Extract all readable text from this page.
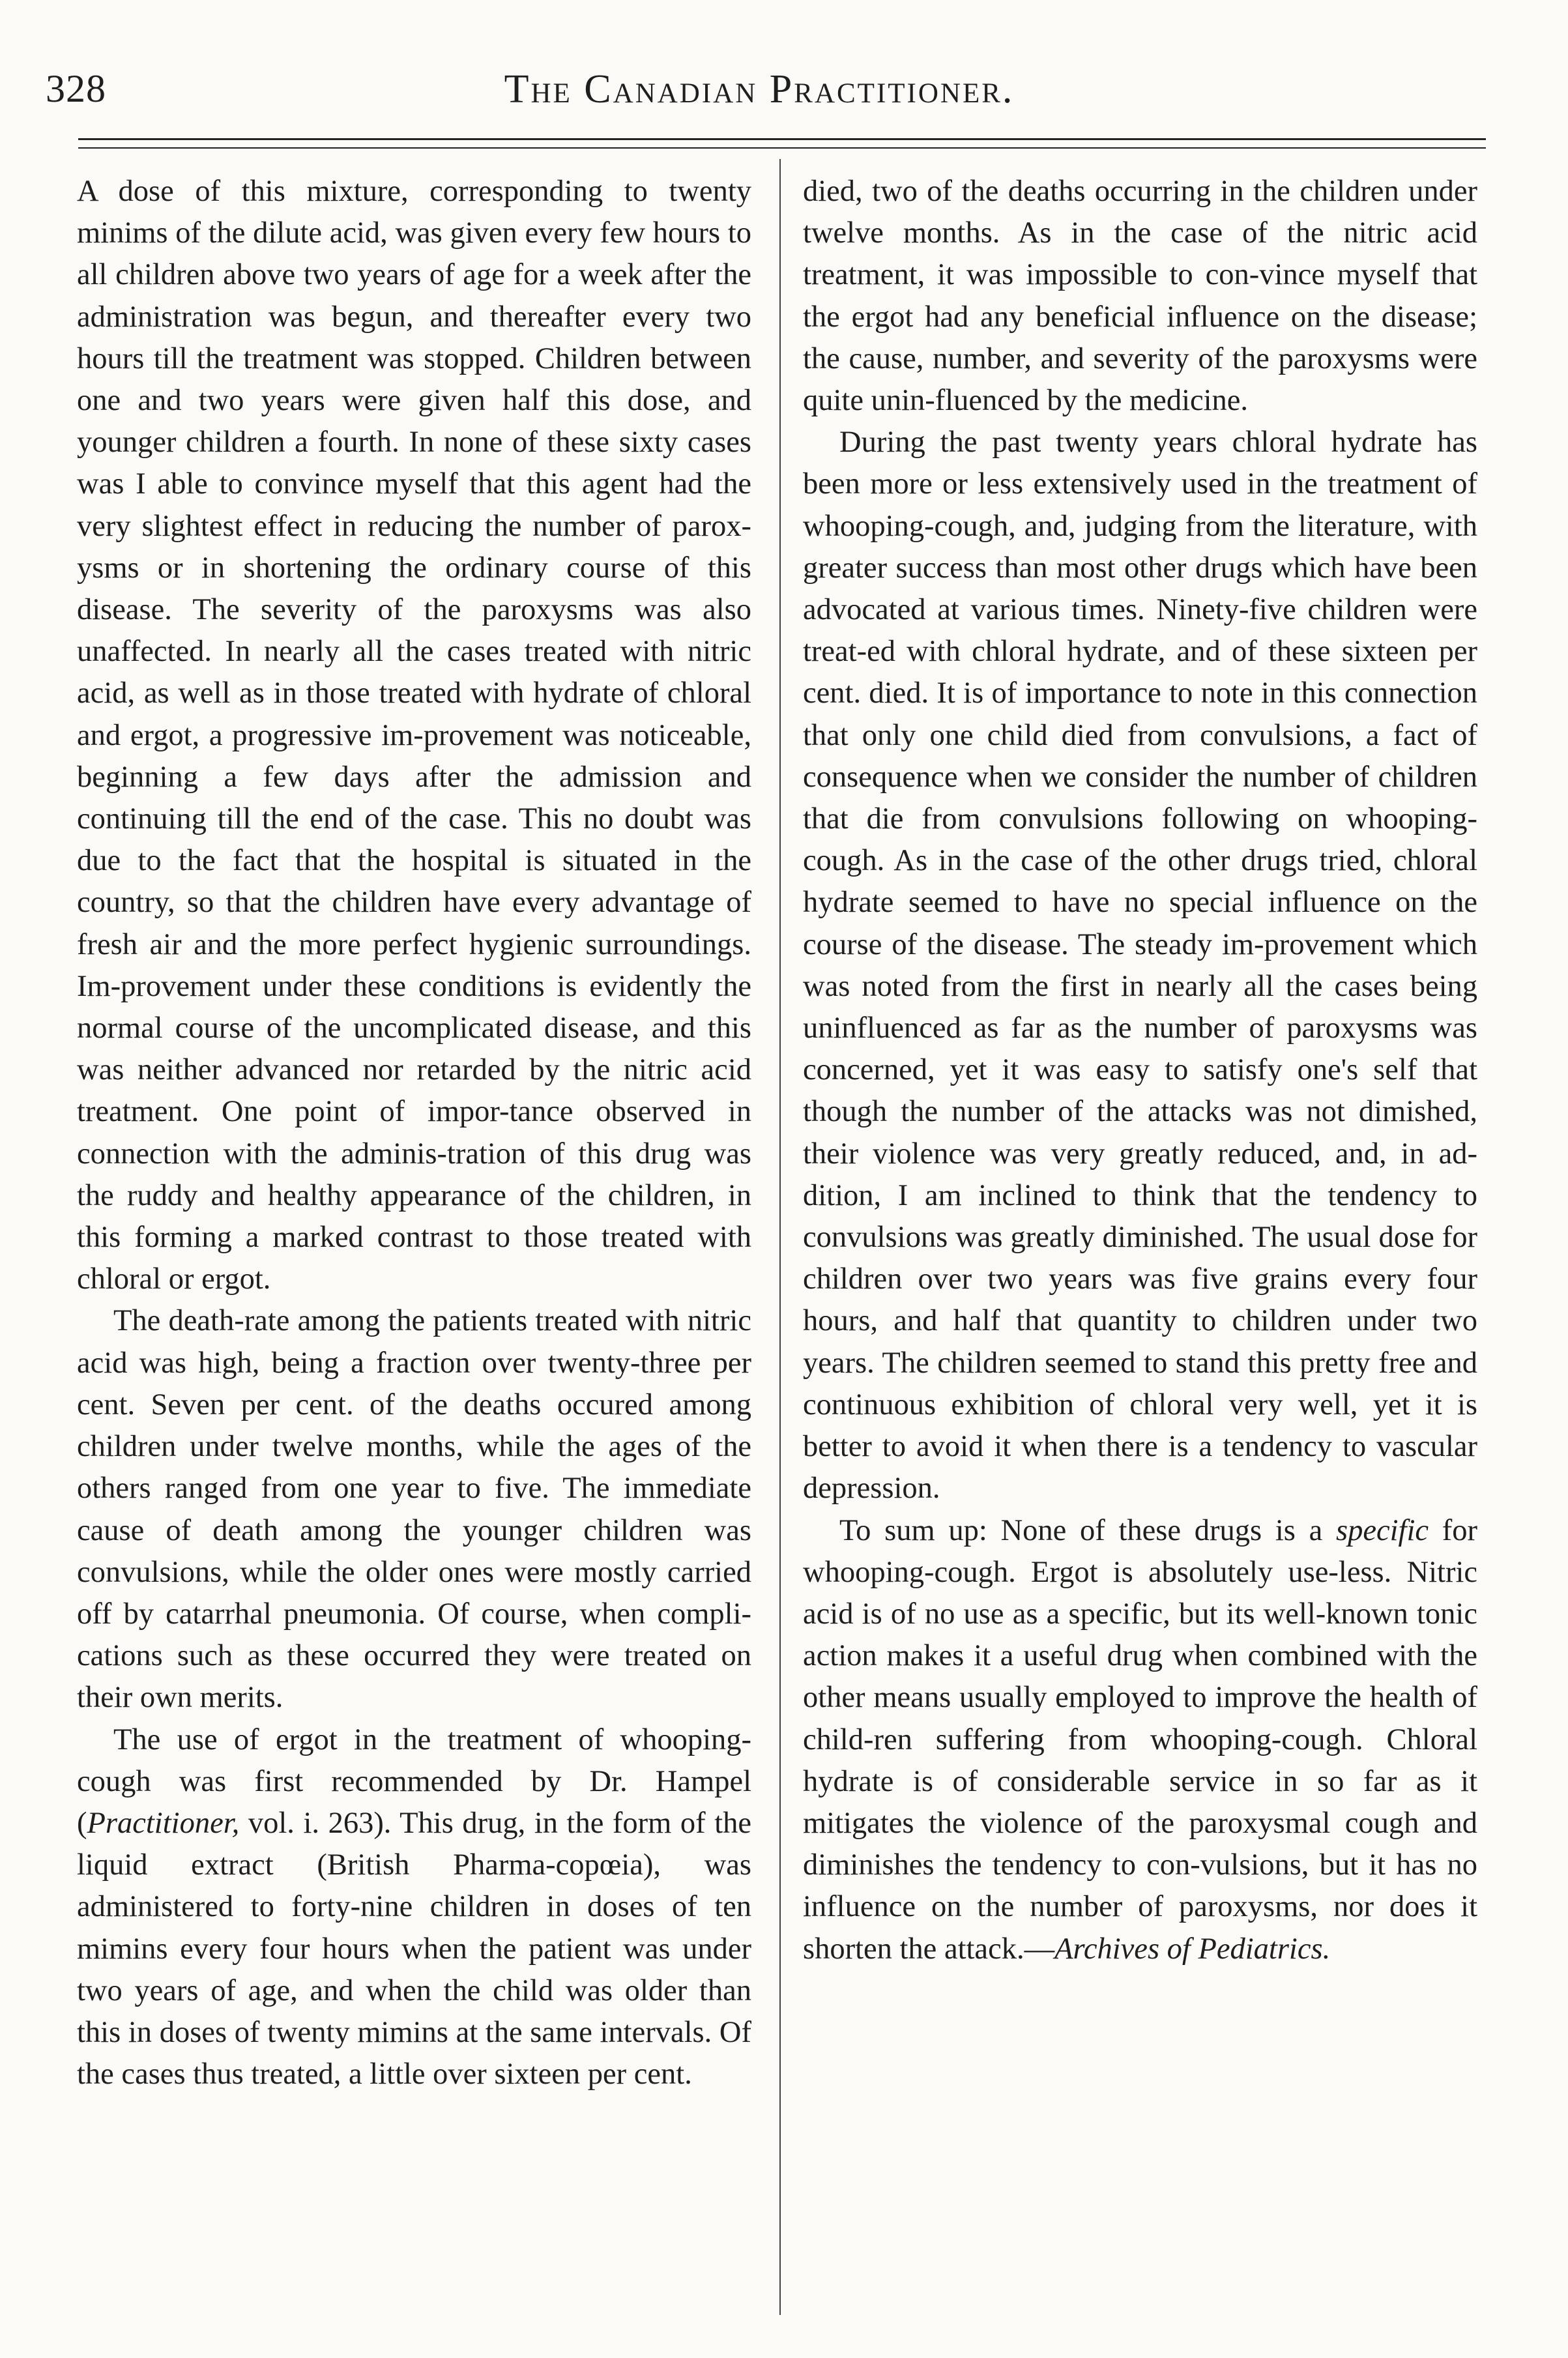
328	The Canadian Practitioner.

A dose of this mixture, corresponding to twenty minims of the dilute acid, was given every few hours to all children above two years of age for a week after the administration was begun, and thereafter every two hours till the treatment was stopped. Children between one and two years were given half this dose, and younger children a fourth. In none of these sixty cases was I able to convince myself that this agent had the very slightest effect in reducing the number of parox-ysms or in shortening the ordinary course of this disease. The severity of the paroxysms was also unaffected. In nearly all the cases treated with nitric acid, as well as in those treated with hydrate of chloral and ergot, a progressive im-provement was noticeable, beginning a few days after the admission and continuing till the end of the case. This no doubt was due to the fact that the hospital is situated in the country, so that the children have every advantage of fresh air and the more perfect hygienic surroundings. Im-provement under these conditions is evidently the normal course of the uncomplicated disease, and this was neither advanced nor retarded by the nitric acid treatment. One point of impor-tance observed in connection with the adminis-tration of this drug was the ruddy and healthy appearance of the children, in this forming a marked contrast to those treated with chloral or ergot.

The death-rate among the patients treated with nitric acid was high, being a fraction over twenty-three per cent. Seven per cent. of the deaths occured among children under twelve months, while the ages of the others ranged from one year to five. The immediate cause of death among the younger children was convulsions, while the older ones were mostly carried off by catarrhal pneumonia. Of course, when compli-cations such as these occurred they were treated on their own merits.

The use of ergot in the treatment of whooping-cough was first recommended by Dr. Hampel (Practitioner, vol. i. 263). This drug, in the form of the liquid extract (British Pharma-copœia), was administered to forty-nine children in doses of ten mimins every four hours when the patient was under two years of age, and when the child was older than this in doses of twenty mimins at the same intervals. Of the cases thus treated, a little over sixteen per cent.

died, two of the deaths occurring in the children under twelve months. As in the case of the nitric acid treatment, it was impossible to con-vince myself that the ergot had any beneficial influence on the disease; the cause, number, and severity of the paroxysms were quite unin-fluenced by the medicine.

During the past twenty years chloral hydrate has been more or less extensively used in the treatment of whooping-cough, and, judging from the literature, with greater success than most other drugs which have been advocated at various times. Ninety-five children were treat-ed with chloral hydrate, and of these sixteen per cent. died. It is of importance to note in this connection that only one child died from convulsions, a fact of consequence when we consider the number of children that die from convulsions following on whooping-cough. As in the case of the other drugs tried, chloral hydrate seemed to have no special influence on the course of the disease. The steady im-provement which was noted from the first in nearly all the cases being uninfluenced as far as the number of paroxysms was concerned, yet it was easy to satisfy one's self that though the number of the attacks was not dimished, their violence was very greatly reduced, and, in ad-dition, I am inclined to think that the tendency to convulsions was greatly diminished. The usual dose for children over two years was five grains every four hours, and half that quantity to children under two years. The children seemed to stand this pretty free and continuous exhibition of chloral very well, yet it is better to avoid it when there is a tendency to vascular depression.

To sum up: None of these drugs is a specific for whooping-cough. Ergot is absolutely use-less. Nitric acid is of no use as a specific, but its well-known tonic action makes it a useful drug when combined with the other means usually employed to improve the health of child-ren suffering from whooping-cough. Chloral hydrate is of considerable service in so far as it mitigates the violence of the paroxysmal cough and diminishes the tendency to con-vulsions, but it has no influence on the number of paroxysms, nor does it shorten the attack.—Archives of Pediatrics.
